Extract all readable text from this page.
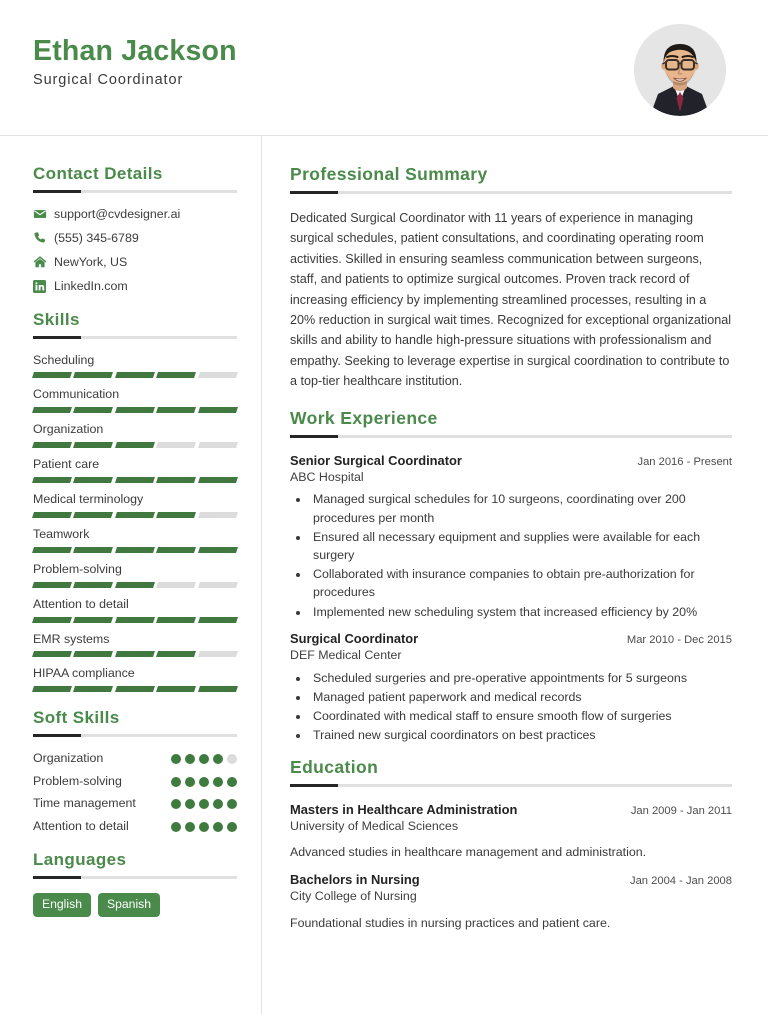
Ethan Jackson

Surgical Coordinator

Contact Details
support@cvdesigner.ai
(555) 345-6789
NewYork, US
LinkedIn.com
Skills
Scheduling
Communication
Organization
Patient care
Medical terminology
Teamwork
Problem-solving
Attention to detail
EMR systems
HIPAA compliance
Soft Skills
Organization
Problem-solving
Time management
Attention to detail
Languages
English	Spanish
Professional Summary

Dedicated Surgical Coordinator with 11 years of experience in managing surgical schedules, patient consultations, and coordinating operating room activities. Skilled in ensuring seamless communication between surgeons, staff, and patients to optimize surgical outcomes. Proven track record of increasing efficiency by implementing streamlined processes, resulting in a 20% reduction in surgical wait times. Recognized for exceptional organizational skills and ability to handle high-pressure situations with professionalism and empathy. Seeking to leverage expertise in surgical coordination to contribute to a top-tier healthcare institution.

Work Experience
Senior Surgical Coordinator	Jan 2016 - Present
ABC Hospital
• Managed surgical schedules for 10 surgeons, coordinating over 200 procedures per month
• Ensured all necessary equipment and supplies were available for each surgery
• Collaborated with insurance companies to obtain pre-authorization for procedures
• Implemented new scheduling system that increased efficiency by 20%
Surgical Coordinator	Mar 2010 - Dec 2015
DEF Medical Center
• Scheduled surgeries and pre-operative appointments for 5 surgeons
• Managed patient paperwork and medical records
• Coordinated with medical staff to ensure smooth flow of surgeries
• Trained new surgical coordinators on best practices
Education
Masters in Healthcare Administration	Jan 2009 - Jan 2011
University of Medical Sciences

Advanced studies in healthcare management and administration.

Bachelors in Nursing	Jan 2004 - Jan 2008
City College of Nursing

Foundational studies in nursing practices and patient care.
